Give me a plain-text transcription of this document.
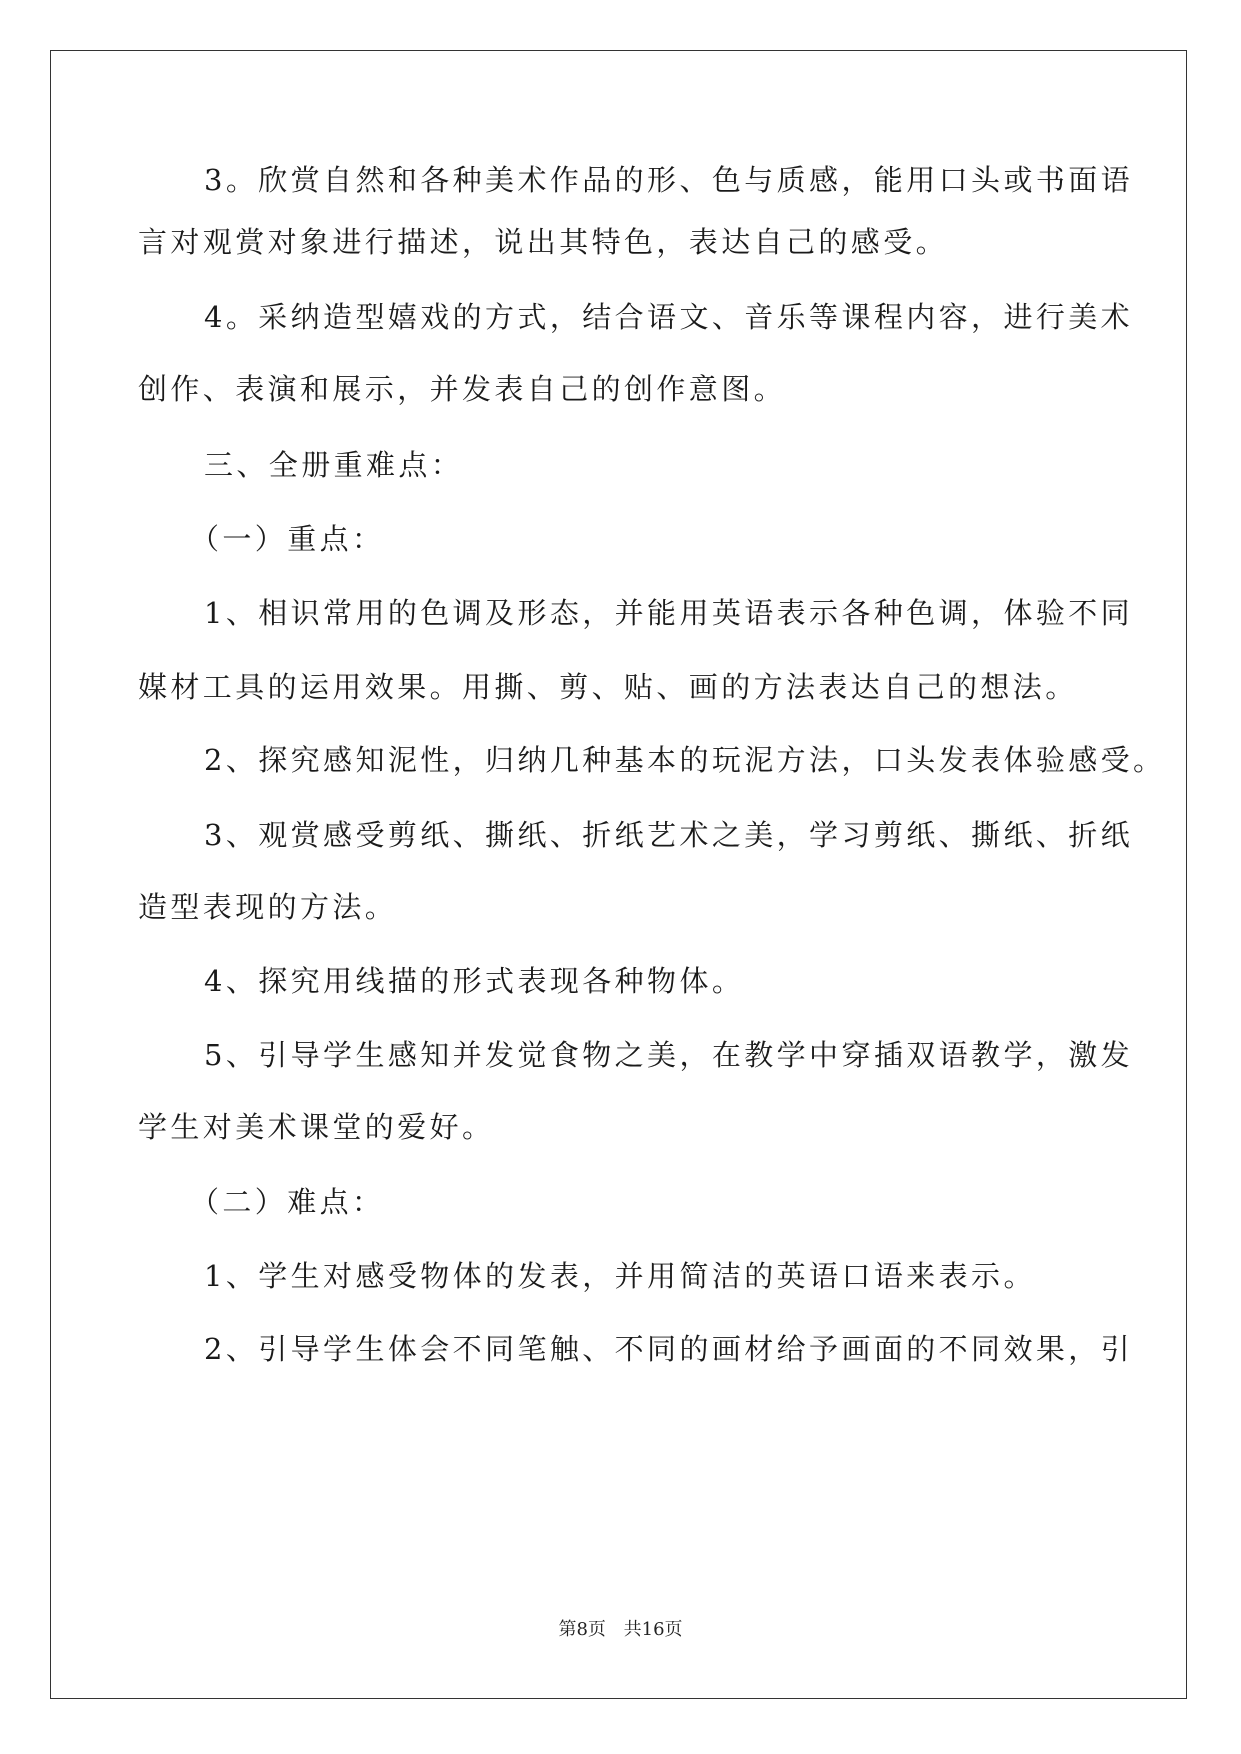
3。欣赏自然和各种美术作品的形、色与质感，能用口头或书面语
言对观赏对象进行描述，说出其特色，表达自己的感受。
4。采纳造型嬉戏的方式，结合语文、音乐等课程内容，进行美术
创作、表演和展示，并发表自己的创作意图。
三、全册重难点：
（一）重点：
1、相识常用的色调及形态，并能用英语表示各种色调，体验不同
媒材工具的运用效果。用撕、剪、贴、画的方法表达自己的想法。
2、探究感知泥性，归纳几种基本的玩泥方法，口头发表体验感受。
3、观赏感受剪纸、撕纸、折纸艺术之美，学习剪纸、撕纸、折纸
造型表现的方法。
4、探究用线描的形式表现各种物体。
5、引导学生感知并发觉食物之美，在教学中穿插双语教学，激发
学生对美术课堂的爱好。
（二）难点：
1、学生对感受物体的发表，并用简洁的英语口语来表示。
2、引导学生体会不同笔触、不同的画材给予画面的不同效果，引
第8页 共16页
